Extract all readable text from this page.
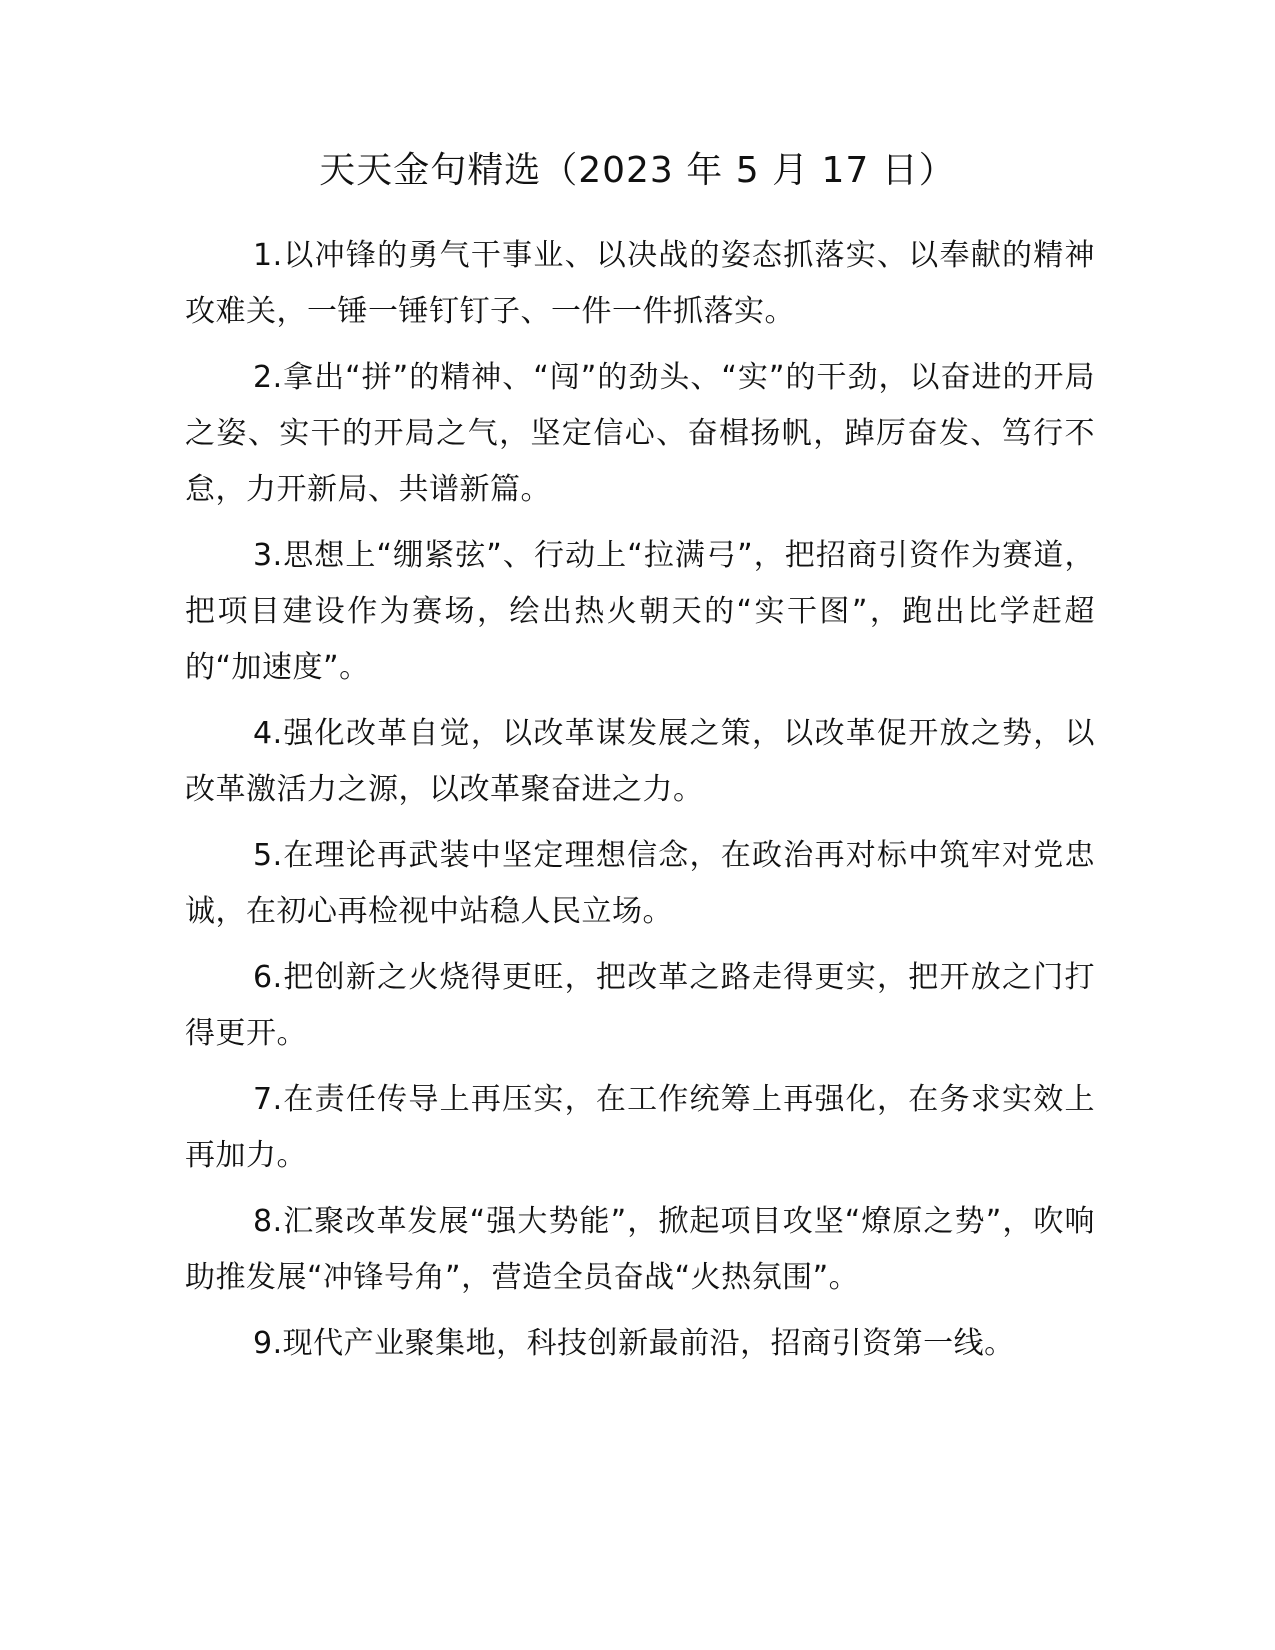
天天金句精选（2023 年 5 月 17 日）

1.以冲锋的勇气干事业、以决战的姿态抓落实、以奉献的精神攻难关，一锤一锤钉钉子、一件一件抓落实。

2.拿出“拼”的精神、“闯”的劲头、“实”的干劲，以奋进的开局之姿、实干的开局之气，坚定信心、奋楫扬帆，踔厉奋发、笃行不怠，力开新局、共谱新篇。

3.思想上“绷紧弦”、行动上“拉满弓”，把招商引资作为赛道，把项目建设作为赛场，绘出热火朝天的“实干图”，跑出比学赶超的“加速度”。

4.强化改革自觉，以改革谋发展之策，以改革促开放之势，以改革激活力之源，以改革聚奋进之力。

5.在理论再武装中坚定理想信念，在政治再对标中筑牢对党忠诚，在初心再检视中站稳人民立场。

6.把创新之火烧得更旺，把改革之路走得更实，把开放之门打得更开。

7.在责任传导上再压实，在工作统筹上再强化，在务求实效上再加力。

8.汇聚改革发展“强大势能”，掀起项目攻坚“燎原之势”，吹响助推发展“冲锋号角”，营造全员奋战“火热氛围”。

9.现代产业聚集地，科技创新最前沿，招商引资第一线。
